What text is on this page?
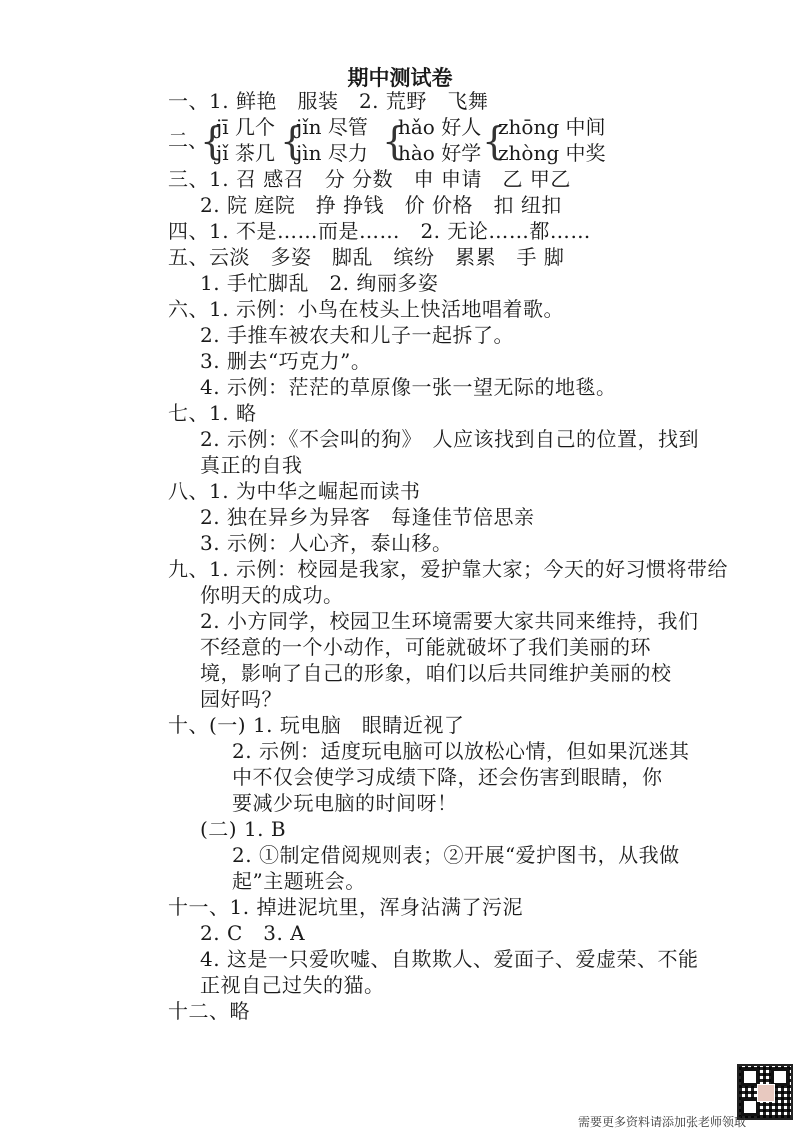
期中测试卷
一、1. 鲜艳　服装　2. 荒野　飞舞
二、
{
jī 几个
jǐ 茶几 {
jǐn 尽管
jìn 尽力 {
hǎo 好人
hào 好学 {
zhōng 中间
zhòng 中奖
三、1. 召 感召　分 分数　申 申请　乙 甲乙
2. 院 庭院　挣 挣钱　价 价格　扣 纽扣
四、1. 不是……而是……　2. 无论……都……
五、云淡　多姿　脚乱　缤纷　累累　手 脚
1. 手忙脚乱　2. 绚丽多姿
六、1. 示例：小鸟在枝头上快活地唱着歌。
2. 手推车被农夫和儿子一起拆了。
3. 删去“巧克力”。
4. 示例：茫茫的草原像一张一望无际的地毯。
七、1. 略
2. 示例：《不会叫的狗》　人应该找到自己的位置，找到
真正的自我
八、1. 为中华之崛起而读书
2. 独在异乡为异客　每逢佳节倍思亲
3. 示例：人心齐，泰山移。
九、1. 示例：校园是我家，爱护靠大家；今天的好习惯将带给
你明天的成功。
2. 小方同学，校园卫生环境需要大家共同来维持，我们
不经意的一个小动作，可能就破坏了我们美丽的环
境，影响了自己的形象，咱们以后共同维护美丽的校
园好吗？
十、(一) 1. 玩电脑　眼睛近视了
2. 示例：适度玩电脑可以放松心情，但如果沉迷其
中不仅会使学习成绩下降，还会伤害到眼睛，你
要减少玩电脑的时间呀！
(二) 1. B
2. ①制定借阅规则表；②开展“爱护图书，从我做
起”主题班会。
十一、1. 掉进泥坑里，浑身沾满了污泥
2. C　3. A
4. 这是一只爱吹嘘、自欺欺人、爱面子、爱虚荣、不能
正视自己过失的猫。
十二、略
需要更多资料请添加张老师领取
